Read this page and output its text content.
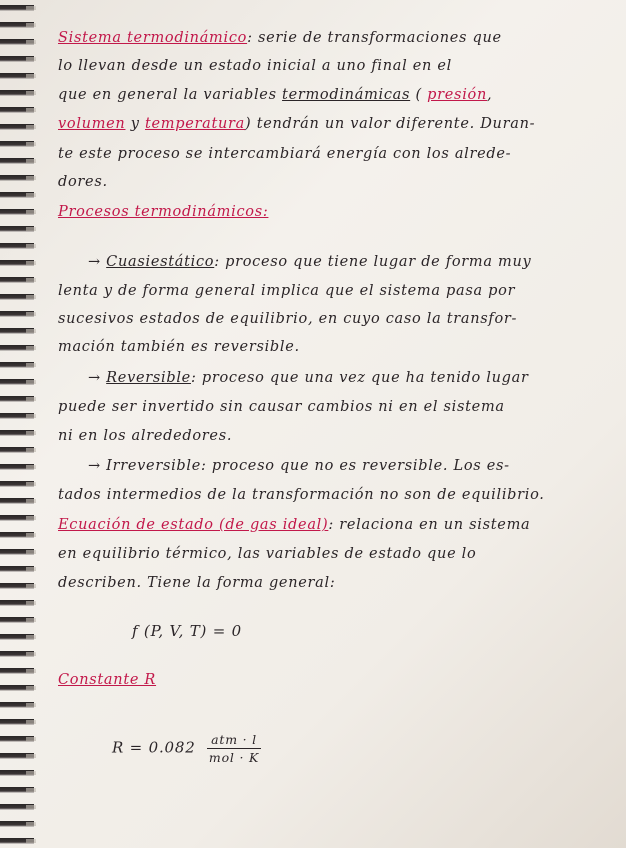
Sistema termodinámico: serie de transformaciones que
lo llevan desde un estado inicial a uno final en el
que en general la variables termodinámicas ( presión,
volumen y temperatura) tendrán un valor diferente. Duran-
te este proceso se intercambiará energía con los alrede-
dores.
Procesos termodinámicos:
→ Cuasiestático: proceso que tiene lugar de forma muy
lenta y de forma general implica que el sistema pasa por
sucesivos estados de equilibrio, en cuyo caso la transfor-
mación también es reversible.
→ Reversible: proceso que una vez que ha tenido lugar
puede ser invertido sin causar cambios ni en el sistema
ni en los alrededores.
→ Irreversible: proceso que no es reversible. Los es-
tados intermedios de la transformación no son de equilibrio.
Ecuación de estado (de gas ideal): relaciona en un sistema
en equilibrio térmico, las variables de estado que lo
describen. Tiene la forma general:
f (P, V, T) = 0
Constante R
$R = 0.082 \frac{\text{atm · l}}{\text{mol · K}}$
